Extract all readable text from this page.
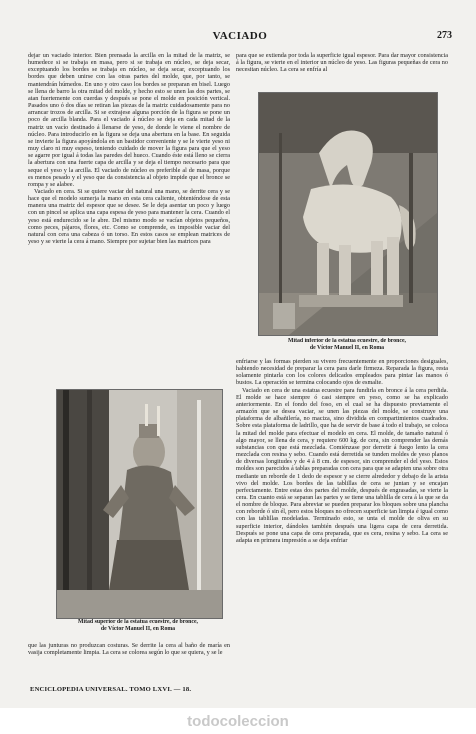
VACIADO	273

dejar un vaciado interior. Bien prensada la arcilla en la mitad de la matriz, se humedece si se trabaja en masa, pero si se trabaja en núcleo, se deja secar, exceptuando los bordes se trabaja en núcleo, se deja secar, exceptuando los bordes que deben unirse con las otras partes del molde, que, por tanto, se mantendrán húmedos. En uno y otro caso los bordes se preparan en bisel. Luego se llena de barro la otra mitad del molde, y hecho esto se unen las dos partes, se atan fuertemente con cuerdas y después se pone el molde en posición vertical. Pasados uno ó dos días se retiran las piezas de la matriz cuidadosamente para no arrancar trozos de arcilla. Si se extrajese alguna porción de la figura se pone un poco de arcilla blanda. Para el vaciado á núcleo se deja en cada mitad de la matriz un vacío destinado á llenarse de yeso, de donde le viene el nombre de núcleo. Para introducirlo en la figura se deja una abertura en la base. En seguida se invierte la figura apoyándola en un bastidor conveniente y se le vierte yeso ni muy claro ni muy espeso, teniendo cuidado de mover la figura para que el yeso se agarre por igual á todas las paredes del hueco. Cuando éste está lleno se cierra la abertura con una fuerte capa de arcilla y se deja el tiempo necesario para que seque el yeso y la arcilla. El vaciado de núcleo es preferible al de masa, porque es menos pesado y el yeso que da consistencia al objeto impide que el bronce se rompa y se alabee.

Vaciado en cera. Si se quiere vaciar del natural una mano, se derrite cera y se hace que el modelo sumerja la mano en esta cera caliente, obteniéndose de esta manera una matriz del espesor que se desee. Se le deja asentar un poco y luego con un pincel se aplica una capa espesa de yeso para mantener la cera. Cuando el yeso está endurecido se le abre. Del mismo modo se vacían objetos pequeños, como peces, pájaros, flores, etc. Como se comprende, es imposible vaciar del natural con cera una cabeza ó un torso. En estos casos se emplean matrices de yeso y se vierte la cera á mano. Siempre por sujetar bien las matrices para

Mitad superior de la estatua ecuestre, de bronce,
de Víctor Manuel II, en Roma

que las junturas no produzcan costuras. Se derrite la cera al baño de maría en vasija completamente limpia. La cera se colorea según lo que se quiera, y se le

para que se extienda por toda la superficie igual espesor. Para dar mayor consistencia á la figura, se vierte en el interior un núcleo de yeso. Las figuras pequeñas de cera no necesitan núcleo. La cera se enfría al

Mitad inferior de la estatua ecuestre, de bronce,
de Víctor Manuel II, en Roma

enfriarse y las formas pierden su vivero frecuentemente en proporciones desiguales, habiendo necesidad de preparar la cera para darle firmeza. Reparada la figura, resta solamente pintarla con los colores delicados empleados para pintar las manos ó bustos. La operación se termina colocando ojos de esmalte.

Vaciado en cera de una estatua ecuestre para fundirla en bronce á la cera perdida. El molde se hace siempre ó casi siempre en yeso, como se ha explicado anteriormente. En el fondo del foso, en el cual se ha dispuesto previamente el armazón que se desea vaciar, se unen las piezas del molde, se construye una plataforma de albañilería, no maciza, sino dividida en compartimientos cuadrados. Sobre esta plataforma de ladrillo, que ha de servir de base á todo el trabajo, se coloca la mitad del molde para efectuar el modelo en cera. El molde, de tamaño natural ó algo mayor, se llena de cera, y requiere 600 kg. de cera, sin comprender las demás substancias con que está mezclada. Comiénzase por derretir á fuego lento la cera mezclada con resina y sebo. Cuando está derretida se tunden moldes de yeso planos de diversas longitudes y de 4 á 8 cm. de espesor, sin comprender el del yeso. Estos moldes son parecidos á tablas preparadas con cera para que se adapten una sobre otra mediante un reborde de 1 dedo de espesor y se cierre alrededor y debajo de la arista vivo del molde. Los bordes de las tablillas de cera se juntan y se encajan perfectamente. Entre estas dos partes del molde, después de engrasadas, se vierte la cera. En cuanto está se separan las partes y se tiene una tablilla de cera á la que se da el nombre de bloque. Para abreviar se pueden preparar los bloques sobre una plancha con reborde ó sin él, pero estos bloques no ofrecen superficie tan limpia é igual como con las tablillas modeladas. Terminado esto, se unta el molde de oliva en su superficie interior, dándoles también después una ligera capa de cera derretida. Después se pone una capa de cera preparada, que es cera, resina y sebo. La cera se adapta en primera impresión a se deja enfriar

ENCICLOPEDIA UNIVERSAL. TOMO LXVI. — 18.
todocoleccion
